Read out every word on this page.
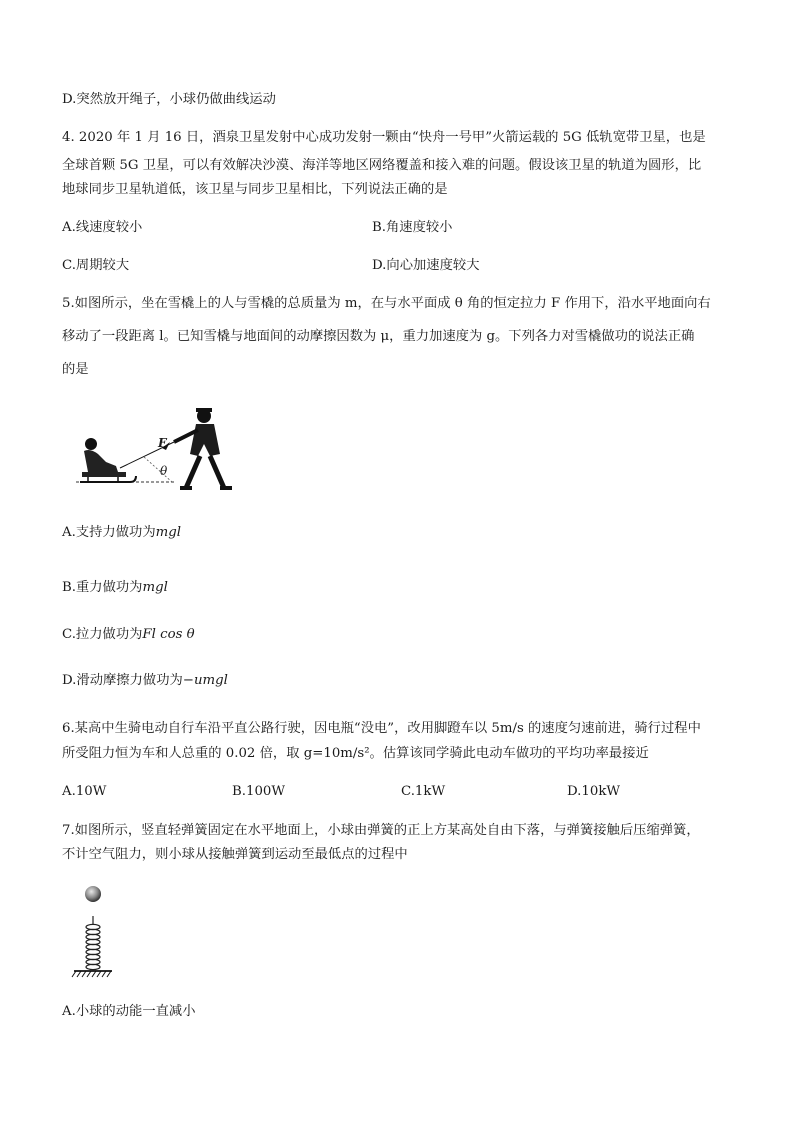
D.突然放开绳子，小球仍做曲线运动
4. 2020 年 1 月 16 日，酒泉卫星发射中心成功发射一颗由“快舟一号甲”火箭运载的 5G 低轨宽带卫星，也是
全球首颗 5G 卫星，可以有效解决沙漠、海洋等地区网络覆盖和接入难的问题。假设该卫星的轨道为圆形，比
地球同步卫星轨道低，该卫星与同步卫星相比，下列说法正确的是
A.线速度较小	B.角速度较小
C.周期较大	D.向心加速度较大
5.如图所示，坐在雪橇上的人与雪橇的总质量为 m，在与水平面成 θ 角的恒定拉力 F 作用下，沿水平地面向右
移动了一段距离 l。已知雪橇与地面间的动摩擦因数为 μ，重力加速度为 g。下列各力对雪橇做功的说法正确
的是
F
θ
A.支持力做功为mgl
B.重力做功为mgl
C.拉力做功为Fl cos θ
D.滑动摩擦力做功为−umgl
6.某高中生骑电动自行车沿平直公路行驶，因电瓶“没电”，改用脚蹬车以 5m/s 的速度匀速前进，骑行过程中
所受阻力恒为车和人总重的 0.02 倍，取 g=10m/s²。估算该同学骑此电动车做功的平均功率最接近
A.10W	B.100W	C.1kW	D.10kW
7.如图所示，竖直轻弹簧固定在水平地面上，小球由弹簧的正上方某高处自由下落，与弹簧接触后压缩弹簧，
不计空气阻力，则小球从接触弹簧到运动至最低点的过程中
A.小球的动能一直减小
